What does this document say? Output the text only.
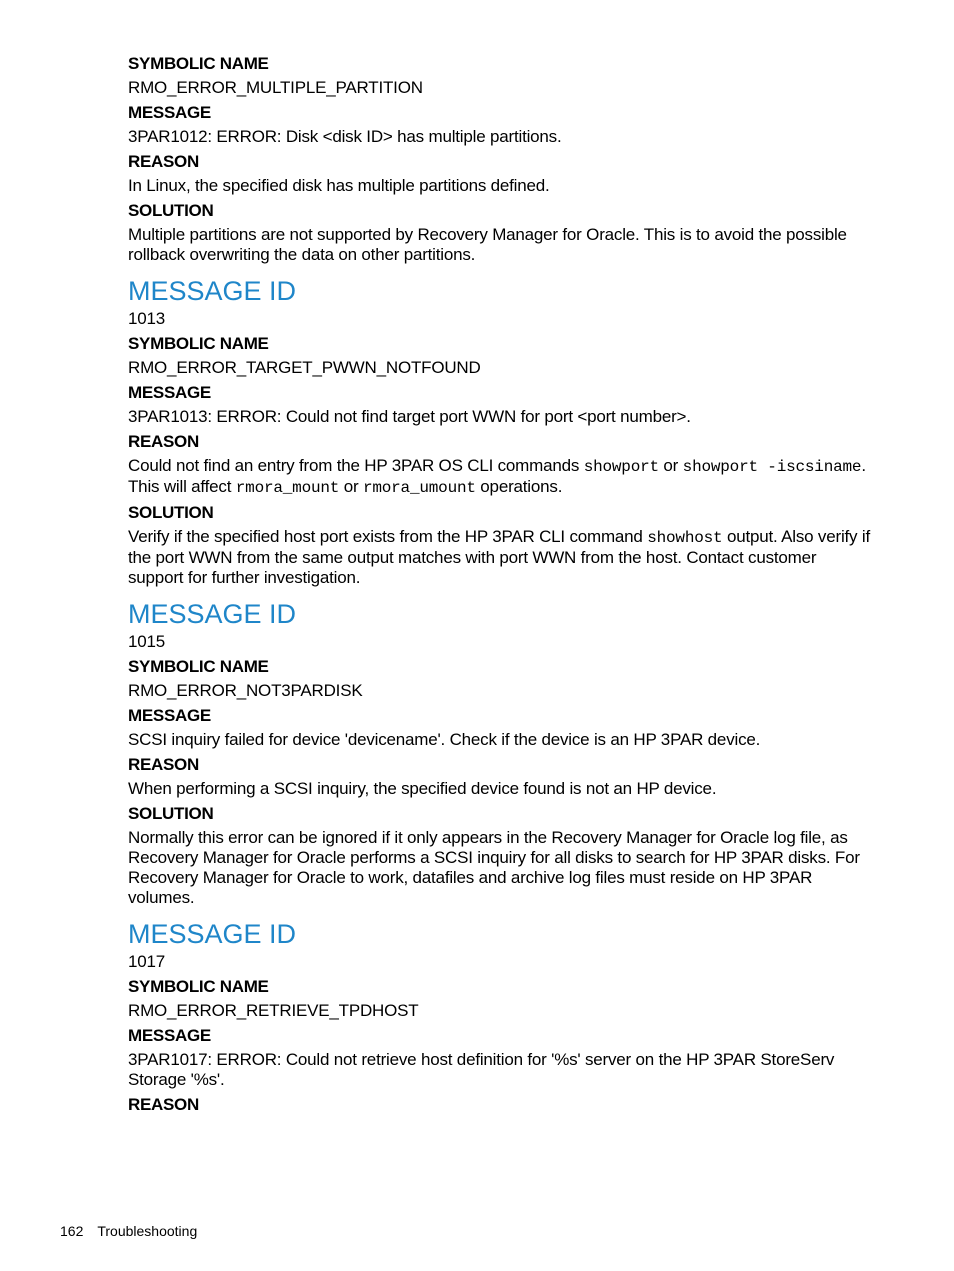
SYMBOLIC NAME

RMO_ERROR_MULTIPLE_PARTITION

MESSAGE

3PAR1012: ERROR: Disk <disk ID> has multiple partitions.

REASON

In Linux, the specified disk has multiple partitions defined.

SOLUTION

Multiple partitions are not supported by Recovery Manager for Oracle. This is to avoid the possible rollback overwriting the data on other partitions.

MESSAGE ID

1013

SYMBOLIC NAME

RMO_ERROR_TARGET_PWWN_NOTFOUND

MESSAGE

3PAR1013: ERROR: Could not find target port WWN for port <port number>.

REASON

Could not find an entry from the HP 3PAR OS CLI commands showport or showport -iscsiname. This will affect rmora_mount or rmora_umount operations.

SOLUTION

Verify if the specified host port exists from the HP 3PAR CLI command showhost output. Also verify if the port WWN from the same output matches with port WWN from the host. Contact customer support for further investigation.

MESSAGE ID

1015

SYMBOLIC NAME

RMO_ERROR_NOT3PARDISK

MESSAGE

SCSI inquiry failed for device 'devicename'. Check if the device is an HP 3PAR device.

REASON

When performing a SCSI inquiry, the specified device found is not an HP device.

SOLUTION

Normally this error can be ignored if it only appears in the Recovery Manager for Oracle log file, as Recovery Manager for Oracle performs a SCSI inquiry for all disks to search for HP 3PAR disks. For Recovery Manager for Oracle to work, datafiles and archive log files must reside on HP 3PAR volumes.

MESSAGE ID

1017

SYMBOLIC NAME

RMO_ERROR_RETRIEVE_TPDHOST

MESSAGE

3PAR1017: ERROR: Could not retrieve host definition for '%s' server on the HP 3PAR StoreServ Storage '%s'.

REASON

162 Troubleshooting
